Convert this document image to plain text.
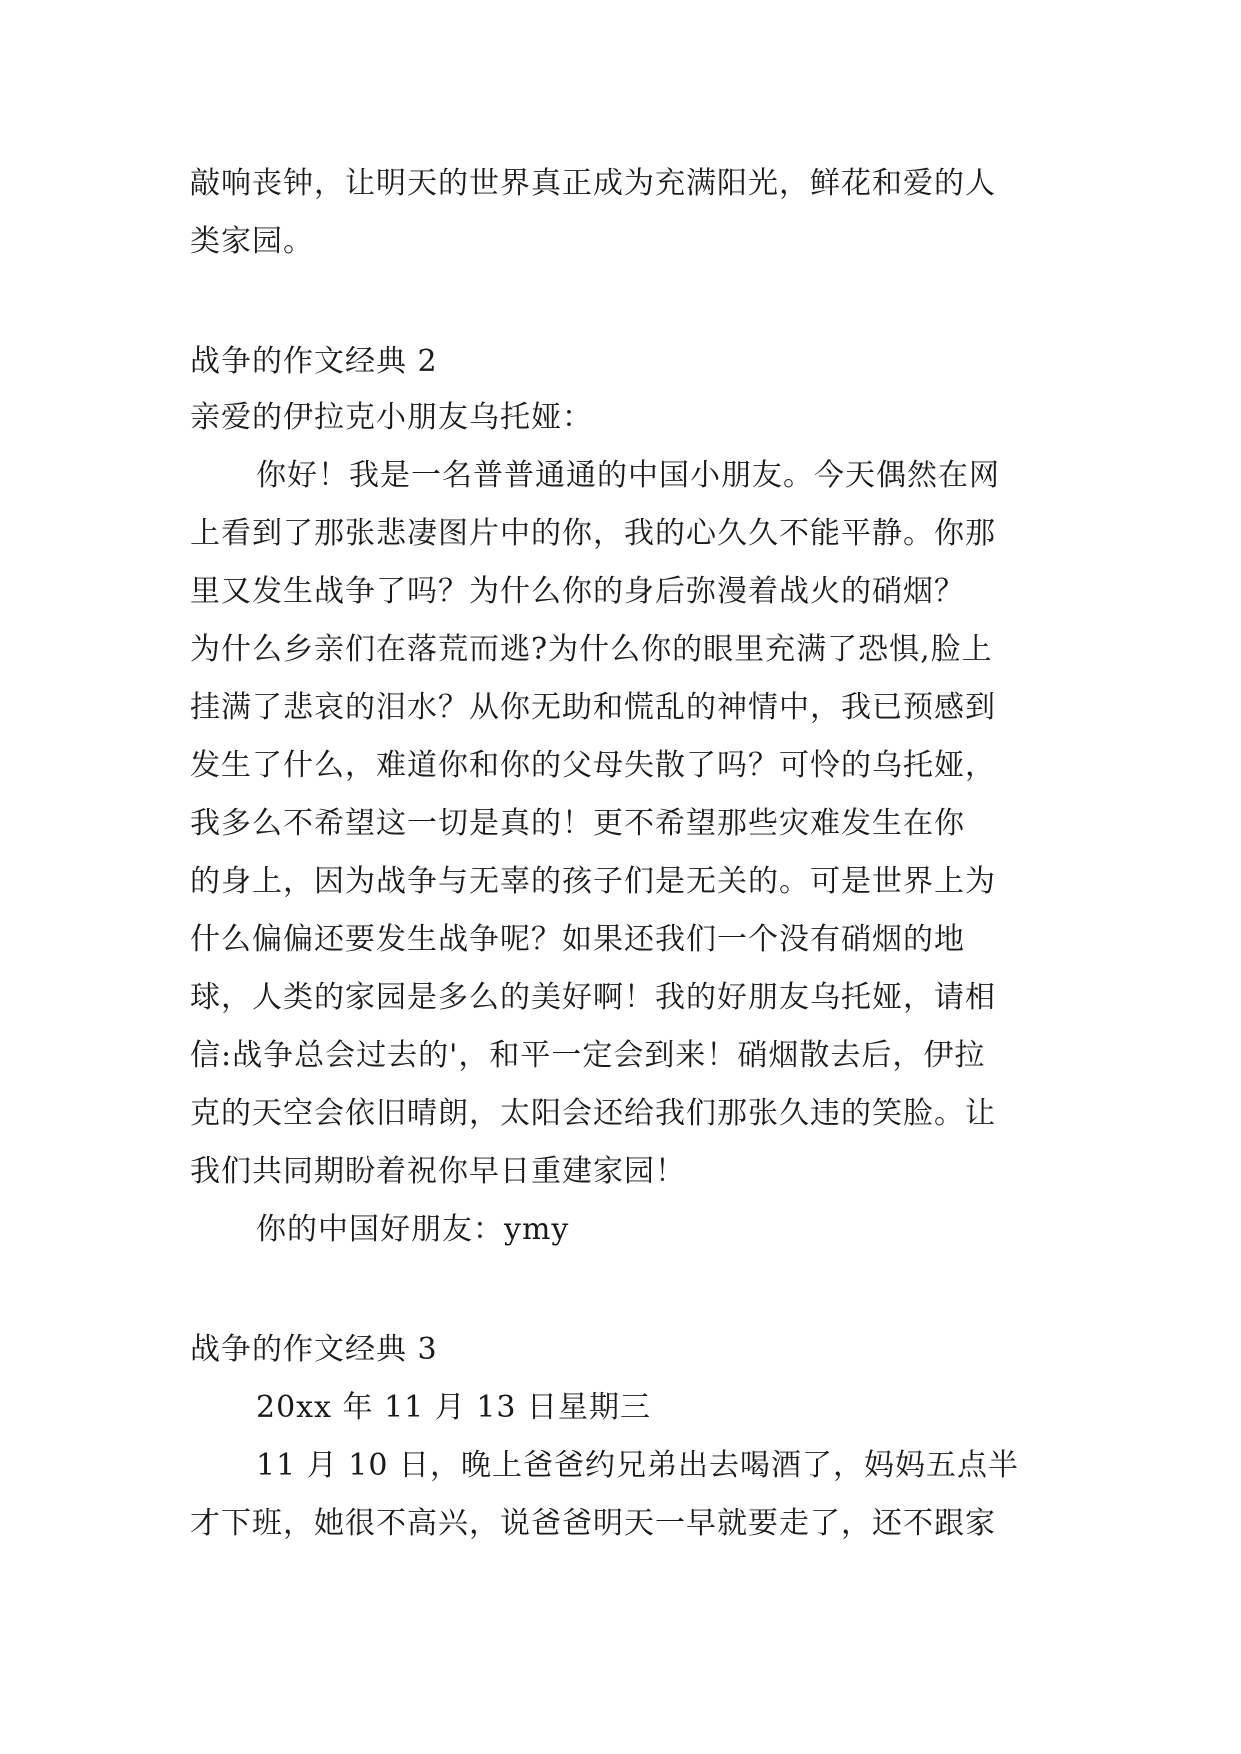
敲响丧钟，让明天的世界真正成为充满阳光，鲜花和爱的人
类家园。
战争的作文经典 2
亲爱的伊拉克小朋友乌托娅：
你好！我是一名普普通通的中国小朋友。今天偶然在网
上看到了那张悲凄图片中的你，我的心久久不能平静。你那
里又发生战争了吗？为什么你的身后弥漫着战火的硝烟？
为什么乡亲们在落荒而逃?为什么你的眼里充满了恐惧,脸上
挂满了悲哀的泪水？从你无助和慌乱的神情中，我已预感到
发生了什么，难道你和你的父母失散了吗？可怜的乌托娅，
我多么不希望这一切是真的！更不希望那些灾难发生在你
的身上，因为战争与无辜的孩子们是无关的。可是世界上为
什么偏偏还要发生战争呢？如果还我们一个没有硝烟的地
球，人类的家园是多么的美好啊！我的好朋友乌托娅，请相
信:战争总会过去的'，和平一定会到来！硝烟散去后，伊拉
克的天空会依旧晴朗，太阳会还给我们那张久违的笑脸。让
我们共同期盼着祝你早日重建家园！
你的中国好朋友：ymy
战争的作文经典 3
20xx 年 11 月 13 日星期三
11 月 10 日，晚上爸爸约兄弟出去喝酒了，妈妈五点半
才下班，她很不高兴，说爸爸明天一早就要走了，还不跟家
